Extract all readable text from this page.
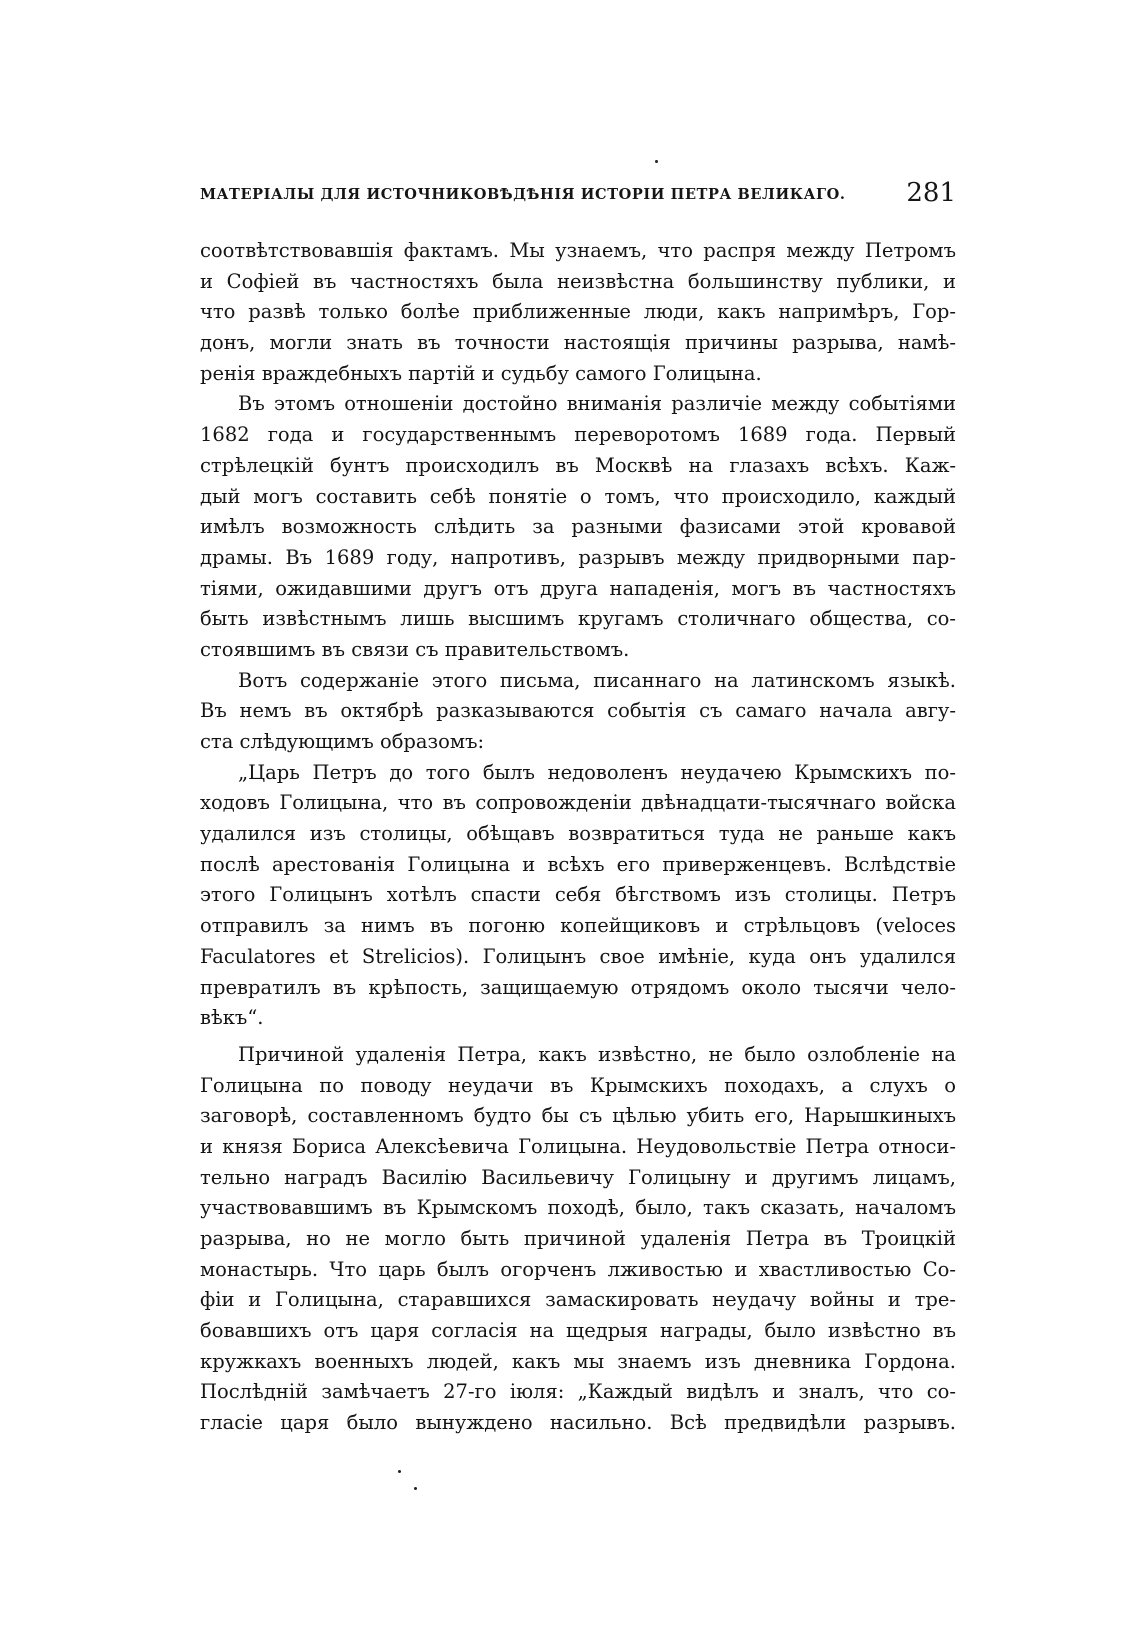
МАТЕРІАЛЫ ДЛЯ ИСТОЧНИКОВѢДѢНІЯ ИСТОРІИ ПЕТРА ВЕЛИКАГО. 281
соотвѣтствовавшія фактамъ. Мы узнаемъ, что распря между Петромъ
и Софіей въ частностяхъ была неизвѣстна большинству публики, и
что развѣ только болѣе приближенные люди, какъ напримѣръ, Гор-
донъ, могли знать въ точности настоящія причины разрыва, намѣ-
ренія враждебныхъ партій и судьбу самого Голицына.
Въ этомъ отношеніи достойно вниманія различіе между событіями
1682 года и государственнымъ переворотомъ 1689 года. Первый
стрѣлецкій бунтъ происходилъ въ Москвѣ на глазахъ всѣхъ. Каж-
дый могъ составить себѣ понятіе о томъ, что происходило, каждый
имѣлъ возможность слѣдить за разными фазисами этой кровавой
драмы. Въ 1689 году, напротивъ, разрывъ между придворными пар-
тіями, ожидавшими другъ отъ друга нападенія, могъ въ частностяхъ
быть извѣстнымъ лишь высшимъ кругамъ столичнаго общества, со-
стоявшимъ въ связи съ правительствомъ.
Вотъ содержаніе этого письма, писаннаго на латинскомъ языкѣ.
Въ немъ въ октябрѣ разказываются событія съ самаго начала авгу-
ста слѣдующимъ образомъ:
„Царь Петръ до того былъ недоволенъ неудачею Крымскихъ по-
ходовъ Голицына, что въ сопровожденіи двѣнадцати-тысячнаго войска
удалился изъ столицы, обѣщавъ возвратиться туда не раньше какъ
послѣ арестованія Голицына и всѣхъ его приверженцевъ. Вслѣдствіе
этого Голицынъ хотѣлъ спасти себя бѣгствомъ изъ столицы. Петръ
отправилъ за нимъ въ погоню копейщиковъ и стрѣльцовъ (veloces
Faculatores et Strelicios). Голицынъ свое имѣніе, куда онъ удалился
превратилъ въ крѣпость, защищаемую отрядомъ около тысячи чело-
вѣкъ“.
Причиной удаленія Петра, какъ извѣстно, не было озлобленіе на
Голицына по поводу неудачи въ Крымскихъ походахъ, а слухъ о
заговорѣ, составленномъ будто бы съ цѣлью убить его, Нарышкиныхъ
и князя Бориса Алексѣевича Голицына. Неудовольствіе Петра относи-
тельно наградъ Василію Васильевичу Голицыну и другимъ лицамъ,
участвовавшимъ въ Крымскомъ походѣ, было, такъ сказать, началомъ
разрыва, но не могло быть причиной удаленія Петра въ Троицкій
монастырь. Что царь былъ огорченъ лживостью и хвастливостью Со-
фіи и Голицына, старавшихся замаскировать неудачу войны и тре-
бовавшихъ отъ царя согласія на щедрыя награды, было извѣстно въ
кружкахъ военныхъ людей, какъ мы знаемъ изъ дневника Гордона.
Послѣдній замѣчаетъ 27-го іюля: „Каждый видѣлъ и зналъ, что со-
гласіе царя было вынуждено насильно. Всѣ предвидѣли разрывъ.
